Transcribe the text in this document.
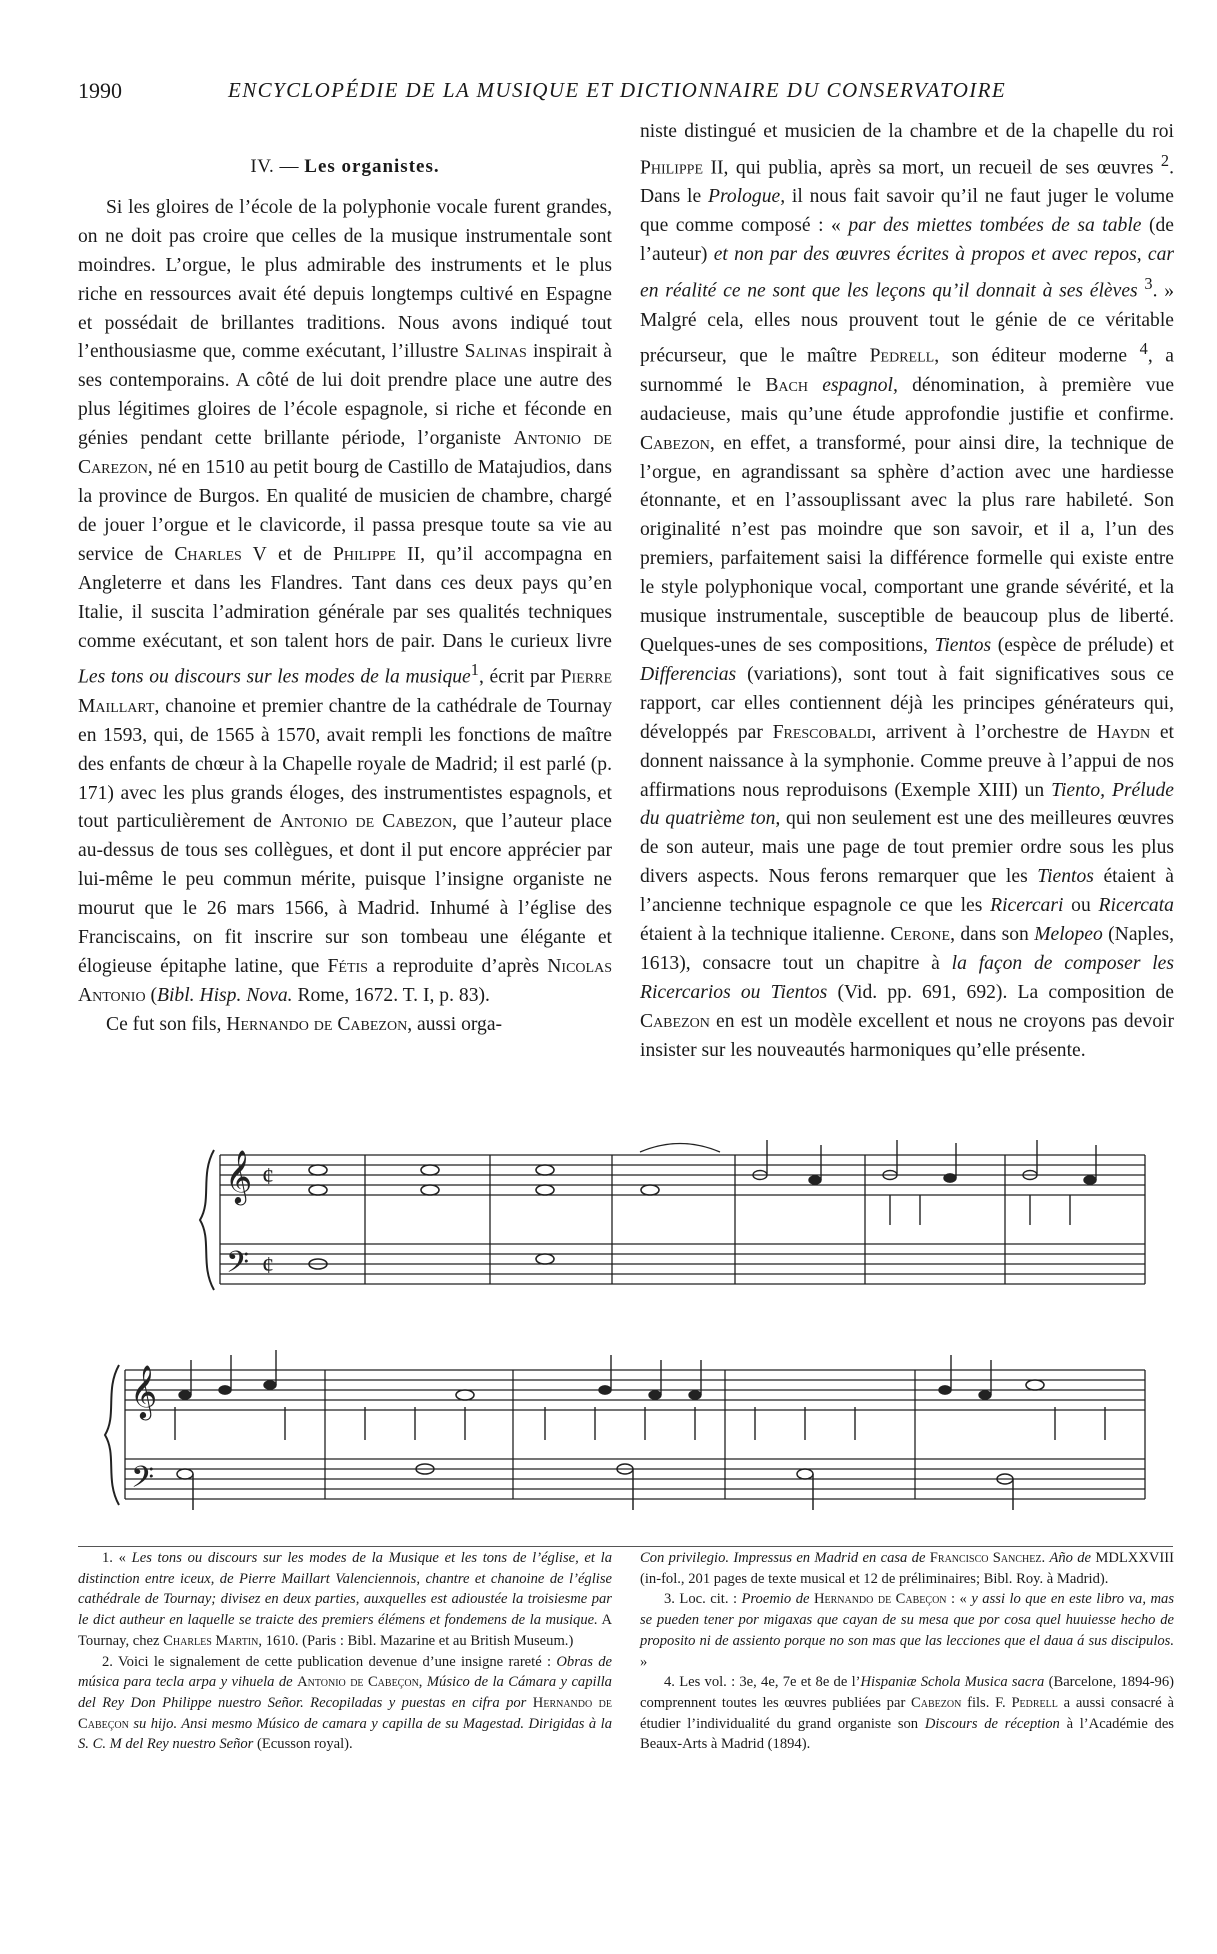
1990	ENCYCLOPÉDIE DE LA MUSIQUE ET DICTIONNAIRE DU CONSERVATOIRE

niste distingué et musicien de la chambre et de la chapelle du roi Philippe II, qui publia, après sa mort, un recueil de ses œuvres $^2$. Dans le Prologue, il nous fait savoir qu’il ne faut juger le volume que comme composé : « par des miettes tombées de sa table (de l’auteur) et non par des œuvres écrites à propos et avec repos, car en réalité ce ne sont que les leçons qu’il donnait à ses élèves $^3$. » Malgré cela, elles nous prouvent tout le génie de ce véritable précurseur, que le maître Pedrell, son éditeur moderne $^4$, a surnommé le Bach espagnol, dénomination, à première vue audacieuse, mais qu’une étude approfondie justifie et confirme. Cabezon, en effet, a transformé, pour ainsi dire, la technique de l’orgue, en agrandissant sa sphère d’action avec une hardiesse étonnante, et en l’assouplissant avec la plus rare habileté. Son originalité n’est pas moindre que son savoir, et il a, l’un des premiers, parfaitement saisi la différence formelle qui existe entre le style polyphonique vocal, comportant une grande sévérité, et la musique instrumentale, susceptible de beaucoup plus de liberté. Quelques-unes de ses compositions, Tientos (espèce de prélude) et Differencias (variations), sont tout à fait significatives sous ce rapport, car elles contiennent déjà les principes générateurs qui, développés par Frescobaldi, arrivent à l’orchestre de Haydn et donnent naissance à la symphonie. Comme preuve à l’appui de nos affirmations nous reproduisons (Exemple XIII) un Tiento, Prélude du quatrième ton, qui non seulement est une des meilleures œuvres de son auteur, mais une page de tout premier ordre sous les plus divers aspects. Nous ferons remarquer que les Tientos étaient à l’ancienne technique espagnole ce que les Ricercari ou Ricercata étaient à la technique italienne. Cerone, dans son Melopeo (Naples, 1613), consacre tout un chapitre à la façon de composer les Ricercarios ou Tientos (Vid. pp. 691, 692). La composition de Cabezon en est un modèle excellent et nous ne croyons pas devoir insister sur les nouveautés harmoniques qu’elle présente.

IV. — Les organistes.

Si les gloires de l’école de la polyphonie vocale furent grandes, on ne doit pas croire que celles de la musique instrumentale sont moindres. L’orgue, le plus admirable des instruments et le plus riche en ressources avait été depuis longtemps cultivé en Espagne et possédait de brillantes traditions. Nous avons indiqué tout l’enthousiasme que, comme exécutant, l’illustre Salinas inspirait à ses contemporains. A côté de lui doit prendre place une autre des plus légitimes gloires de l’école espagnole, si riche et féconde en génies pendant cette brillante période, l’organiste Antonio de Carezon, né en 1510 au petit bourg de Castillo de Matajudios, dans la province de Burgos. En qualité de musicien de chambre, chargé de jouer l’orgue et le clavicorde, il passa presque toute sa vie au service de Charles V et de Philippe II, qu’il accompagna en Angleterre et dans les Flandres. Tant dans ces deux pays qu’en Italie, il suscita l’admiration générale par ses qualités techniques comme exécutant, et son talent hors de pair. Dans le curieux livre Les tons ou discours sur les modes de la musique$^1$, écrit par Pierre Maillart, chanoine et premier chantre de la cathédrale de Tournay en 1593, qui, de 1565 à 1570, avait rempli les fonctions de maître des enfants de chœur à la Chapelle royale de Madrid; il est parlé (p. 171) avec les plus grands éloges, des instrumentistes espagnols, et tout particulièrement de Antonio de Cabezon, que l’auteur place au-dessus de tous ses collègues, et dont il put encore apprécier par lui-même le peu commun mérite, puisque l’insigne organiste ne mourut que le 26 mars 1566, à Madrid. Inhumé à l’église des Franciscains, on fit inscrire sur son tombeau une élégante et élogieuse épitaphe latine, que Fétis a reproduite d’après Nicolas Antonio (Bibl. Hisp. Nova. Rome, 1672. T. I, p. 83).

Ce fut son fils, Hernando de Cabezon, aussi orga-

𝄞 ¢
𝄢 ¢
𝄞
𝄢

1. « Les tons ou discours sur les modes de la Musique et les tons de l’église, et la distinction entre iceux, de Pierre Maillart Valenciennois, chantre et chanoine de l’église cathédrale de Tournay; divisez en deux parties, auxquelles est adioustée la troisiesme par le dict autheur en laquelle se traicte des premiers élémens et fondemens de la musique. A Tournay, chez Charles Martin, 1610. (Paris : Bibl. Mazarine et au British Museum.)

2. Voici le signalement de cette publication devenue d’une insigne rareté : Obras de música para tecla arpa y vihuela de Antonio de Cabeçon, Músico de la Cámara y capilla del Rey Don Philippe nuestro Señor. Recopiladas y puestas en cifra por Hernando de Cabeçon su hijo. Ansi mesmo Músico de camara y capilla de su Magestad. Dirigidas à la S. C. M del Rey nuestro Señor (Ecusson royal).

Con privilegio. Impressus en Madrid en casa de Francisco Sanchez. Año de MDLXXVIII (in-fol., 201 pages de texte musical et 12 de préliminaires; Bibl. Roy. à Madrid).

3. Loc. cit. : Proemio de Hernando de Cabeçon : « y assi lo que en este libro va, mas se pueden tener por migaxas que cayan de su mesa que por cosa quel huuiesse hecho de proposito ni de assiento porque no son mas que las lecciones que el daua á sus discipulos. »

4. Les vol. : 3e, 4e, 7e et 8e de l’Hispaniæ Schola Musica sacra (Barcelone, 1894-96) comprennent toutes les œuvres publiées par Cabezon fils. F. Pedrell a aussi consacré à étudier l’individualité du grand organiste son Discours de réception à l’Académie des Beaux-Arts à Madrid (1894).
